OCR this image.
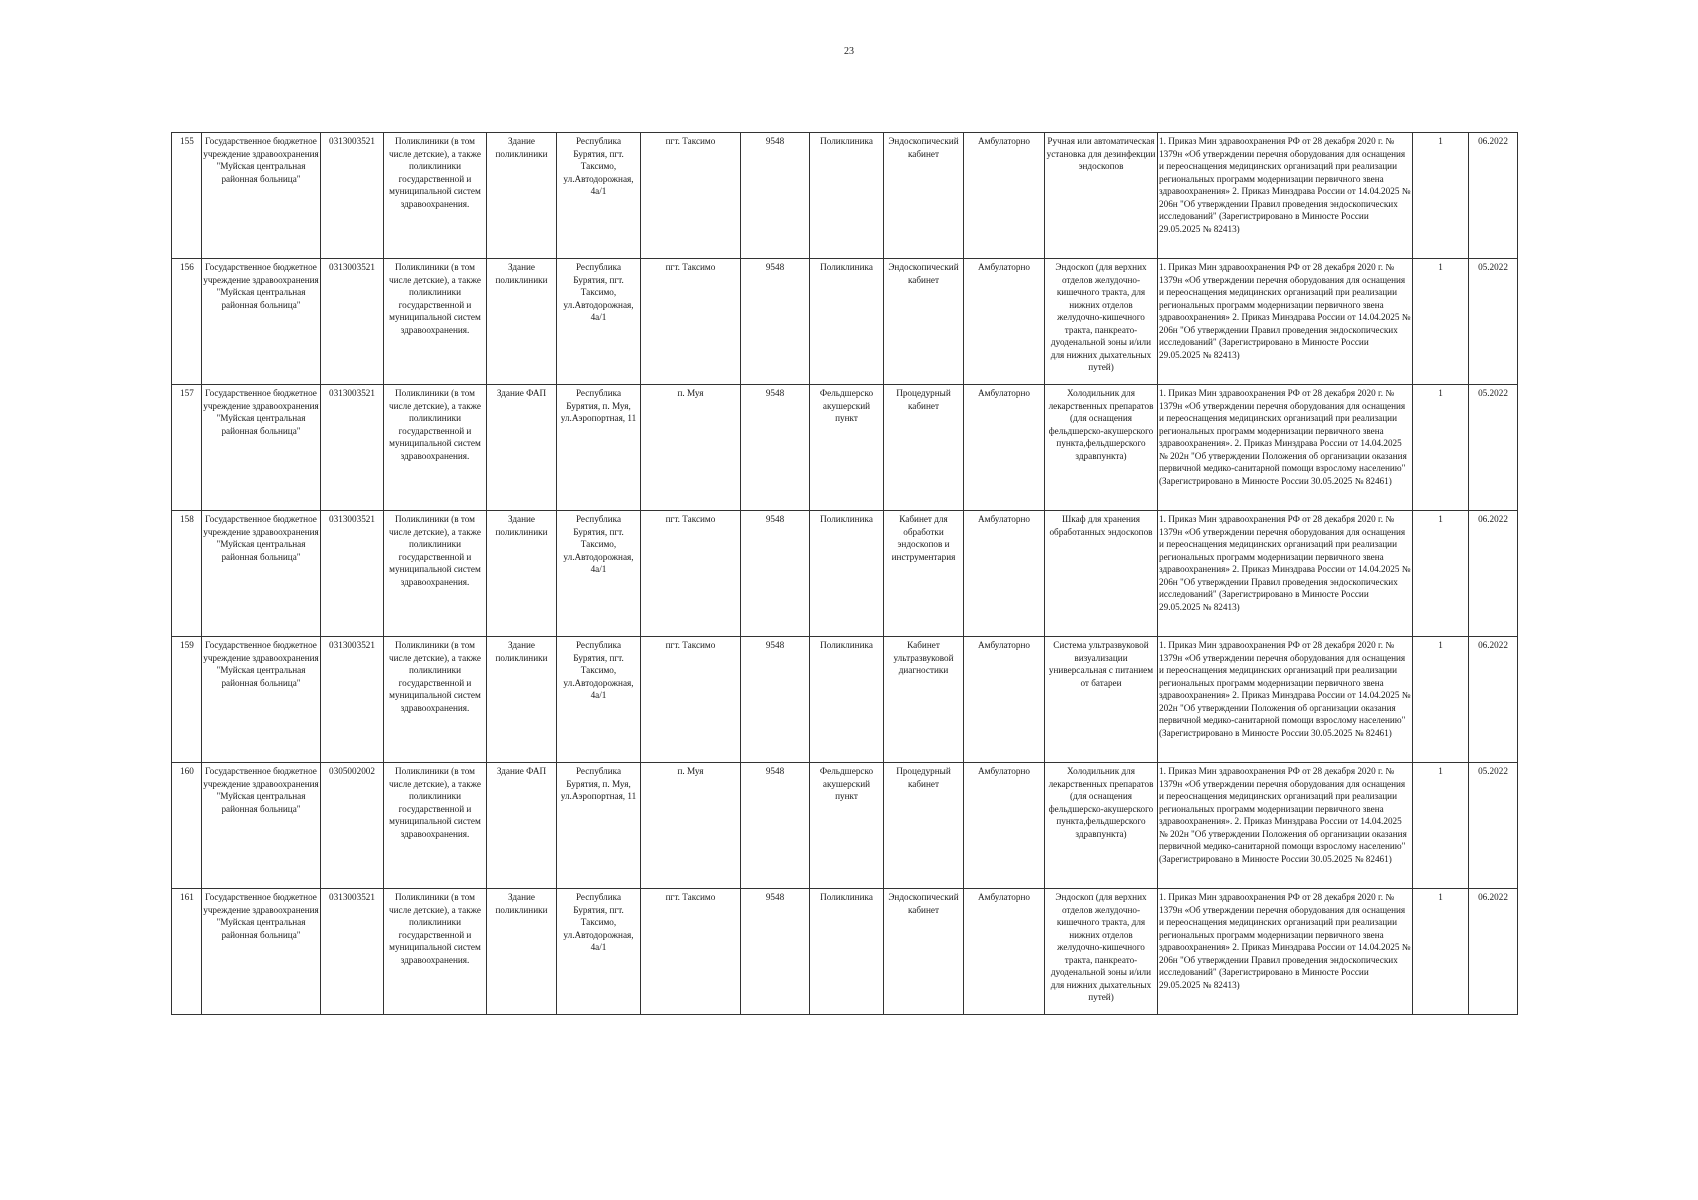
23
155	Государственное бюджетное учреждение здравоохранения "Муйская центральная районная больница"	0313003521	Поликлиники (в том числе детские), а также поликлиники государственной и муниципальной систем здравоохранения.	Здание поликлиники	Республика Бурятия, пгт. Таксимо, ул.Автодорожная, 4а/1	пгт. Таксимо	9548	Поликлиника	Эндоскопический кабинет	Амбулаторно	Ручная или автоматическая установка для дезинфекции эндоскопов	1. Приказ Мин здравоохранения РФ от 28 декабря 2020 г. № 1379н «Об утверждении перечня оборудования для оснащения и переоснащения медицинских организаций при реализации региональных программ модернизации первичного звена здравоохранения» 2. Приказ Минздрава России от 14.04.2025 № 206н "Об утверждении Правил проведения эндоскопических исследований" (Зарегистрировано в Минюсте России 29.05.2025 № 82413)	1	06.2022
156	Государственное бюджетное учреждение здравоохранения "Муйская центральная районная больница"	0313003521	Поликлиники (в том числе детские), а также поликлиники государственной и муниципальной систем здравоохранения.	Здание поликлиники	Республика Бурятия, пгт. Таксимо, ул.Автодорожная, 4а/1	пгт. Таксимо	9548	Поликлиника	Эндоскопический кабинет	Амбулаторно	Эндоскоп (для верхних отделов желудочно-кишечного тракта, для нижних отделов желудочно-кишечного тракта, панкреато-дуоденальной зоны и/или для нижних дыхательных путей)	1. Приказ Мин здравоохранения РФ от 28 декабря 2020 г. № 1379н «Об утверждении перечня оборудования для оснащения и переоснащения медицинских организаций при реализации региональных программ модернизации первичного звена здравоохранения» 2. Приказ Минздрава России от 14.04.2025 № 206н "Об утверждении Правил проведения эндоскопических исследований" (Зарегистрировано в Минюсте России 29.05.2025 № 82413)	1	05.2022
157	Государственное бюджетное учреждение здравоохранения "Муйская центральная районная больница"	0313003521	Поликлиники (в том числе детские), а также поликлиники государственной и муниципальной систем здравоохранения.	Здание ФАП	Республика Бурятия, п. Муя, ул.Аэропортная, 11	п. Муя	9548	Фельдшерско акушерский пункт	Процедурный кабинет	Амбулаторно	Холодильник для лекарственных препаратов (для оснащения фельдшерско-акушерского пункта,фельдшерского здравпункта)	1. Приказ Мин здравоохранения РФ от 28 декабря 2020 г. № 1379н «Об утверждении перечня оборудования для оснащения и переоснащения медицинских организаций при реализации региональных программ модернизации первичного звена здравоохранения». 2. Приказ Минздрава России от 14.04.2025 № 202н "Об утверждении Положения об организации оказания первичной медико-санитарной помощи взрослому населению" (Зарегистрировано в Минюсте России 30.05.2025 № 82461)	1	05.2022
158	Государственное бюджетное учреждение здравоохранения "Муйская центральная районная больница"	0313003521	Поликлиники (в том числе детские), а также поликлиники государственной и муниципальной систем здравоохранения.	Здание поликлиники	Республика Бурятия, пгт. Таксимо, ул.Автодорожная, 4а/1	пгт. Таксимо	9548	Поликлиника	Кабинет для обработки эндоскопов и инструментария	Амбулаторно	Шкаф для хранения обработанных эндоскопов	1. Приказ Мин здравоохранения РФ от 28 декабря 2020 г. № 1379н «Об утверждении перечня оборудования для оснащения и переоснащения медицинских организаций при реализации региональных программ модернизации первичного звена здравоохранения» 2. Приказ Минздрава России от 14.04.2025 № 206н "Об утверждении Правил проведения эндоскопических исследований" (Зарегистрировано в Минюсте России 29.05.2025 № 82413)	1	06.2022
159	Государственное бюджетное учреждение здравоохранения "Муйская центральная районная больница"	0313003521	Поликлиники (в том числе детские), а также поликлиники государственной и муниципальной систем здравоохранения.	Здание поликлиники	Республика Бурятия, пгт. Таксимо, ул.Автодорожная, 4а/1	пгт. Таксимо	9548	Поликлиника	Кабинет ультразвуковой диагностики	Амбулаторно	Система ультразвуковой визуализации универсальная с питанием от батареи	1. Приказ Мин здравоохранения РФ от 28 декабря 2020 г. № 1379н «Об утверждении перечня оборудования для оснащения и переоснащения медицинских организаций при реализации региональных программ модернизации первичного звена здравоохранения» 2. Приказ Минздрава России от 14.04.2025 № 202н "Об утверждении Положения об организации оказания первичной медико-санитарной помощи взрослому населению" (Зарегистрировано в Минюсте России 30.05.2025 № 82461)	1	06.2022
160	Государственное бюджетное учреждение здравоохранения "Муйская центральная районная больница"	0305002002	Поликлиники (в том числе детские), а также поликлиники государственной и муниципальной систем здравоохранения.	Здание ФАП	Республика Бурятия, п. Муя, ул.Аэропортная, 11	п. Муя	9548	Фельдшерско акушерский пункт	Процедурный кабинет	Амбулаторно	Холодильник для лекарственных препаратов (для оснащения фельдшерско-акушерского пункта,фельдшерского здравпункта)	1. Приказ Мин здравоохранения РФ от 28 декабря 2020 г. № 1379н «Об утверждении перечня оборудования для оснащения и переоснащения медицинских организаций при реализации региональных программ модернизации первичного звена здравоохранения». 2. Приказ Минздрава России от 14.04.2025 № 202н "Об утверждении Положения об организации оказания первичной медико-санитарной помощи взрослому населению" (Зарегистрировано в Минюсте России 30.05.2025 № 82461)	1	05.2022
161	Государственное бюджетное учреждение здравоохранения "Муйская центральная районная больница"	0313003521	Поликлиники (в том числе детские), а также поликлиники государственной и муниципальной систем здравоохранения.	Здание поликлиники	Республика Бурятия, пгт. Таксимо, ул.Автодорожная, 4а/1	пгт. Таксимо	9548	Поликлиника	Эндоскопический кабинет	Амбулаторно	Эндоскоп (для верхних отделов желудочно-кишечного тракта, для нижних отделов желудочно-кишечного тракта, панкреато-дуоденальной зоны и/или для нижних дыхательных путей)	1. Приказ Мин здравоохранения РФ от 28 декабря 2020 г. № 1379н «Об утверждении перечня оборудования для оснащения и переоснащения медицинских организаций при реализации региональных программ модернизации первичного звена здравоохранения» 2. Приказ Минздрава России от 14.04.2025 № 206н "Об утверждении Правил проведения эндоскопических исследований" (Зарегистрировано в Минюсте России 29.05.2025 № 82413)	1	06.2022
